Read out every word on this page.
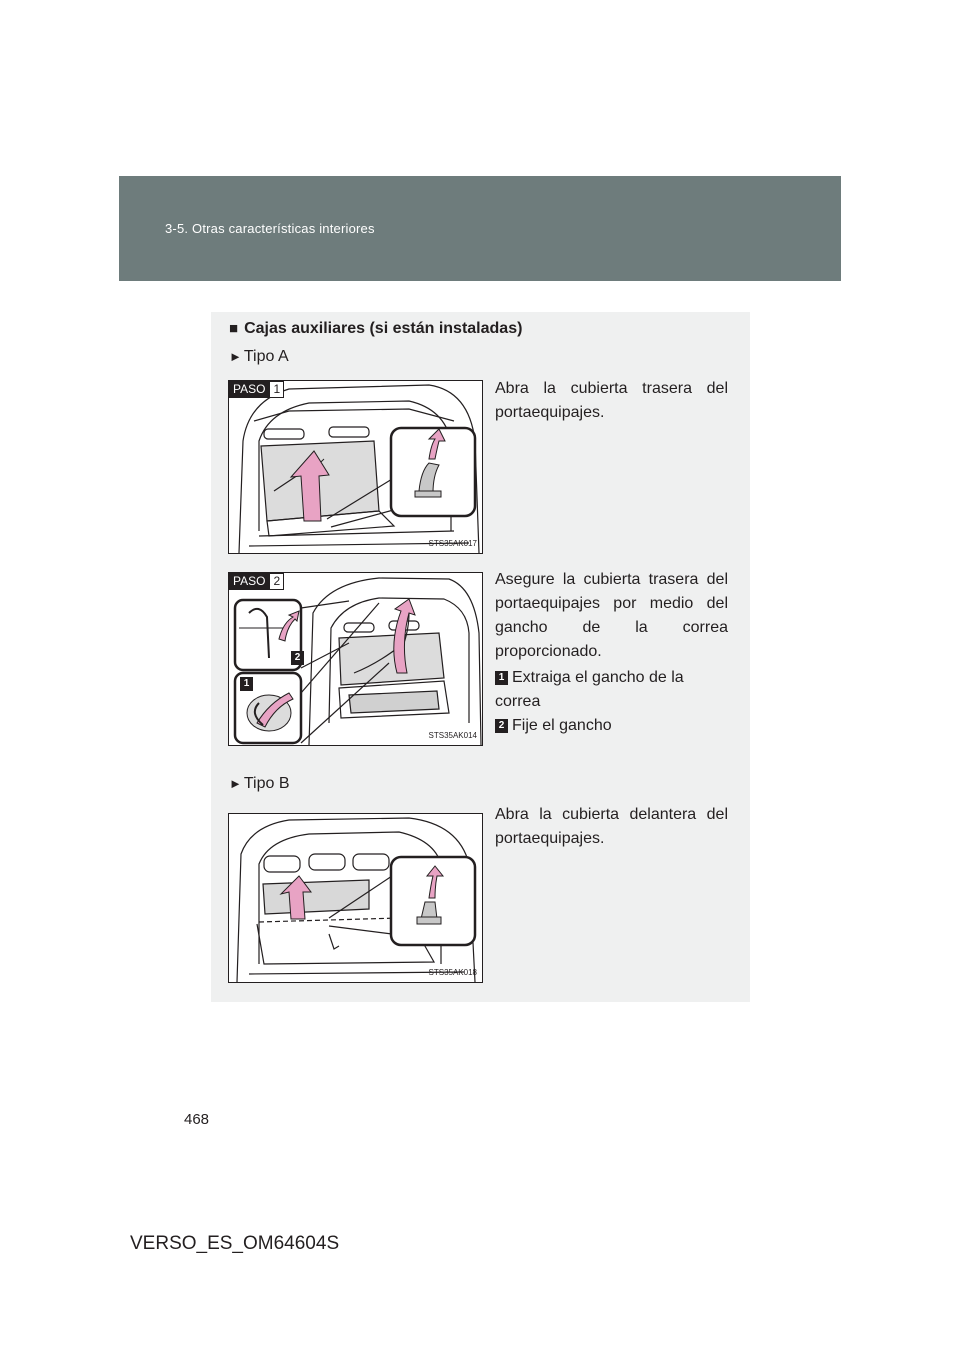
3-5. Otras características interiores
■ Cajas auxiliares (si están instaladas)
► Tipo A
PASO 1
STS35AK017
Abra la cubierta trasera del portaequipajes.
PASO 2
2
1
STS35AK014
Asegure la cubierta trasera del portaequipajes por medio del gancho de la correa proporcionado.
1 Extraiga el gancho de la correa
2 Fije el gancho
► Tipo B
STS35AK018
Abra la cubierta delantera del portaequipajes.
468
VERSO_ES_OM64604S
